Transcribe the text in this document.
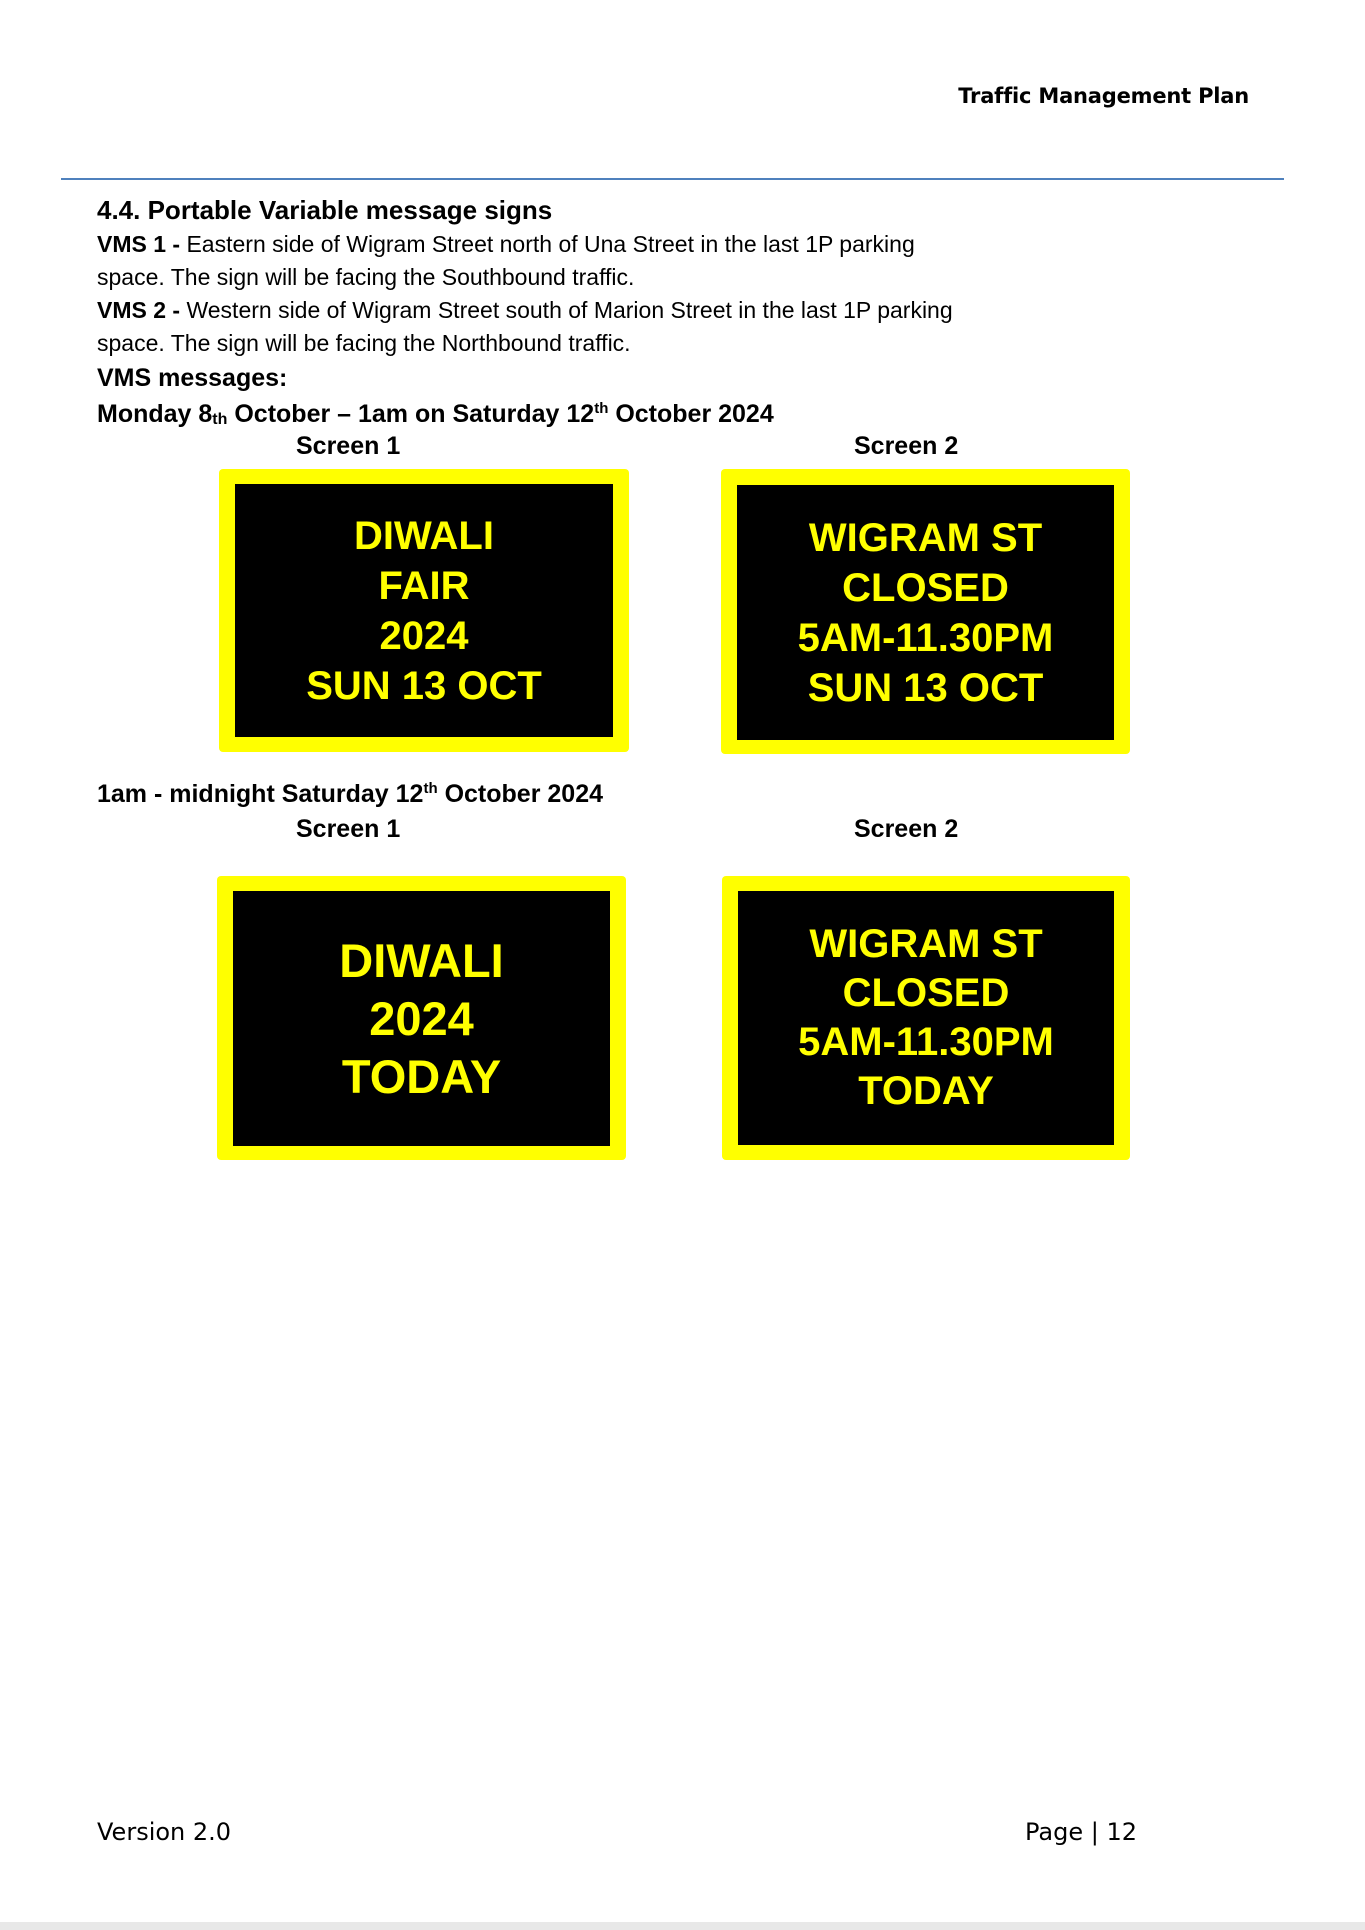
Traffic Management Plan

4.4. Portable Variable message signs

VMS 1 - Eastern side of Wigram Street north of Una Street in the last 1P parking
space. The sign will be facing the Southbound traffic.

VMS 2 - Western side of Wigram Street south of Marion Street in the last 1P parking
space. The sign will be facing the Northbound traffic.

VMS messages:

Monday 8th October – 1am on Saturday 12th October 2024

Screen 1	Screen 2
DIWALI
FAIR
2024
SUN 13 OCT
WIGRAM ST
CLOSED
5AM-11.30PM
SUN 13 OCT
1am - midnight Saturday 12th October 2024
Screen 1	Screen 2
DIWALI
2024
TODAY
WIGRAM ST
CLOSED
5AM-11.30PM
TODAY
Version 2.0	Page | 12
